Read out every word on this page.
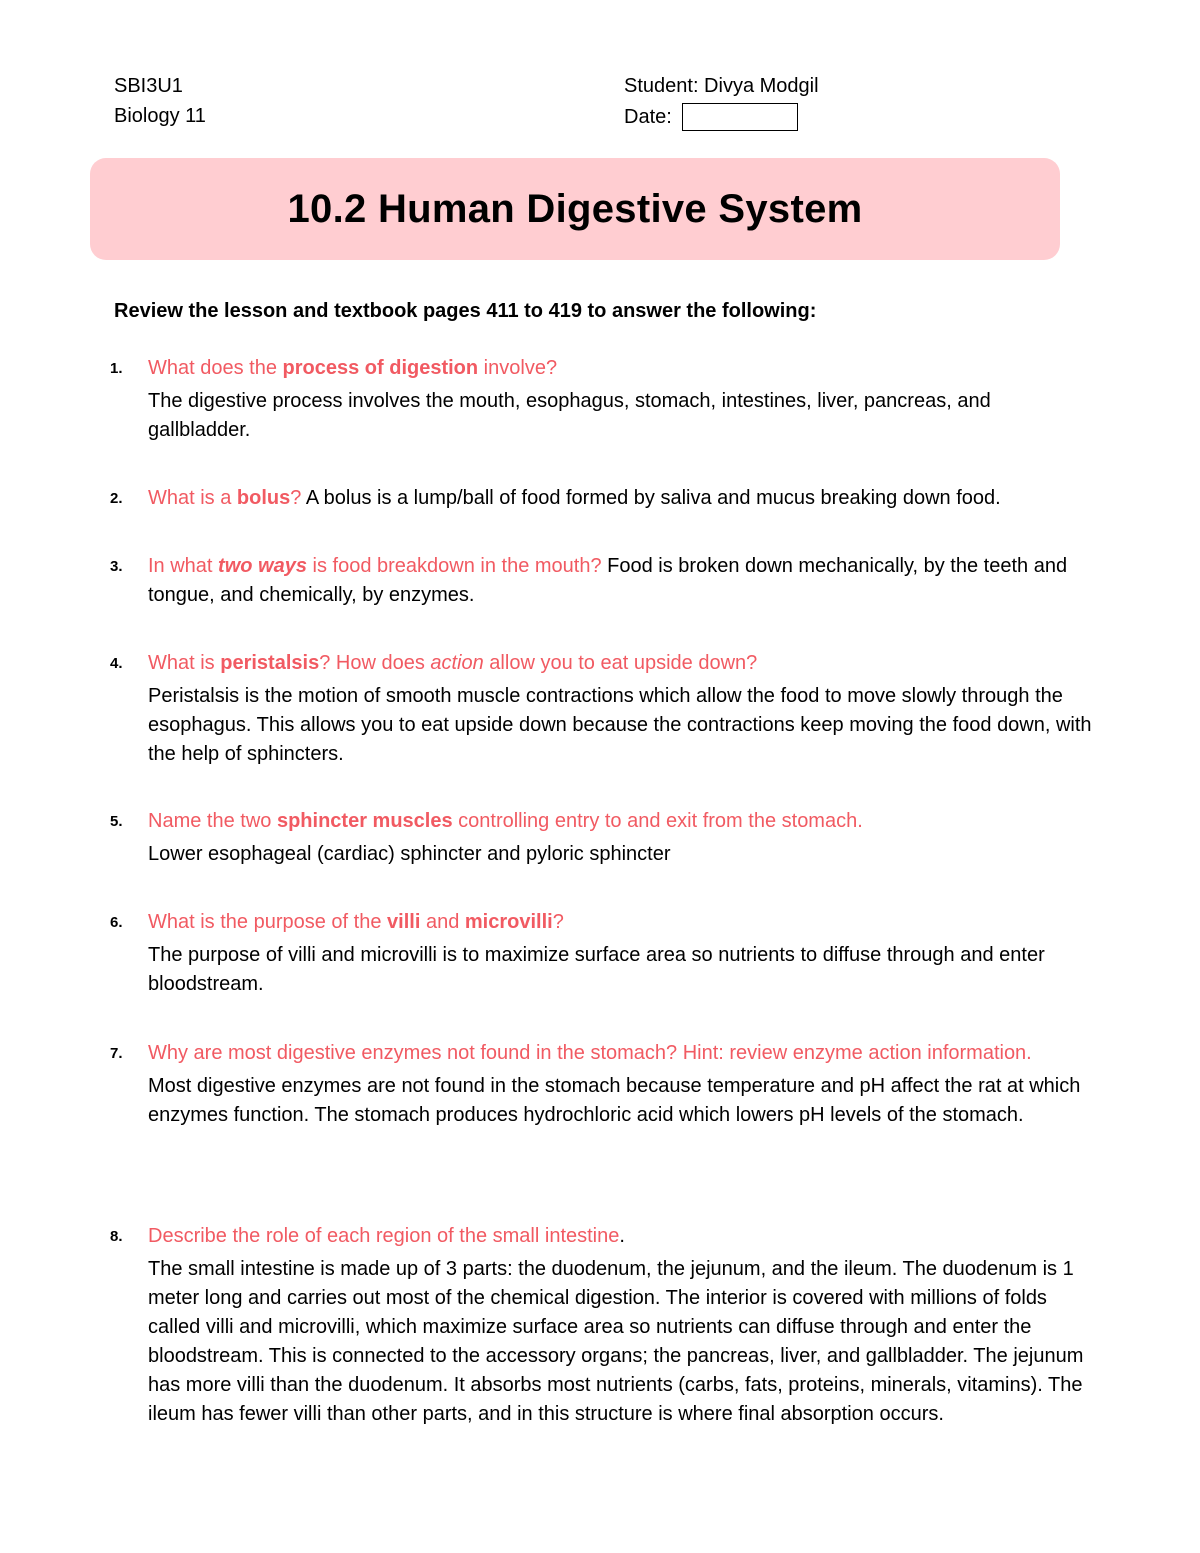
SBI3U1
Biology 11
Student: Divya Modgil
Date:
10.2 Human Digestive System
Review the lesson and textbook pages 411 to 419 to answer the following:
1.	What does the process of digestion involve?
The digestive process involves the mouth, esophagus, stomach, intestines, liver, pancreas, and gallbladder.
2.	What is a bolus? A bolus is a lump/ball of food formed by saliva and mucus breaking down food.
3.	In what two ways is food breakdown in the mouth? Food is broken down mechanically, by the teeth and tongue, and chemically, by enzymes.
4.	What is peristalsis? How does action allow you to eat upside down?
Peristalsis is the motion of smooth muscle contractions which allow the food to move slowly through the esophagus. This allows you to eat upside down because the contractions keep moving the food down, with the help of sphincters.
5.	Name the two sphincter muscles controlling entry to and exit from the stomach.
Lower esophageal (cardiac) sphincter and pyloric sphincter
6.	What is the purpose of the villi and microvilli?
The purpose of villi and microvilli is to maximize surface area so nutrients to diffuse through and enter bloodstream.
7.	Why are most digestive enzymes not found in the stomach? Hint: review enzyme action information.
Most digestive enzymes are not found in the stomach because temperature and pH affect the rat at which enzymes function. The stomach produces hydrochloric acid which lowers pH levels of the stomach.
8.	Describe the role of each region of the small intestine.
The small intestine is made up of 3 parts: the duodenum, the jejunum, and the ileum. The duodenum is 1 meter long and carries out most of the chemical digestion. The interior is covered with millions of folds called villi and microvilli, which maximize surface area so nutrients can diffuse through and enter the bloodstream. This is connected to the accessory organs; the pancreas, liver, and gallbladder. The jejunum has more villi than the duodenum. It absorbs most nutrients (carbs, fats, proteins, minerals, vitamins). The ileum has fewer villi than other parts, and in this structure is where final absorption occurs.
